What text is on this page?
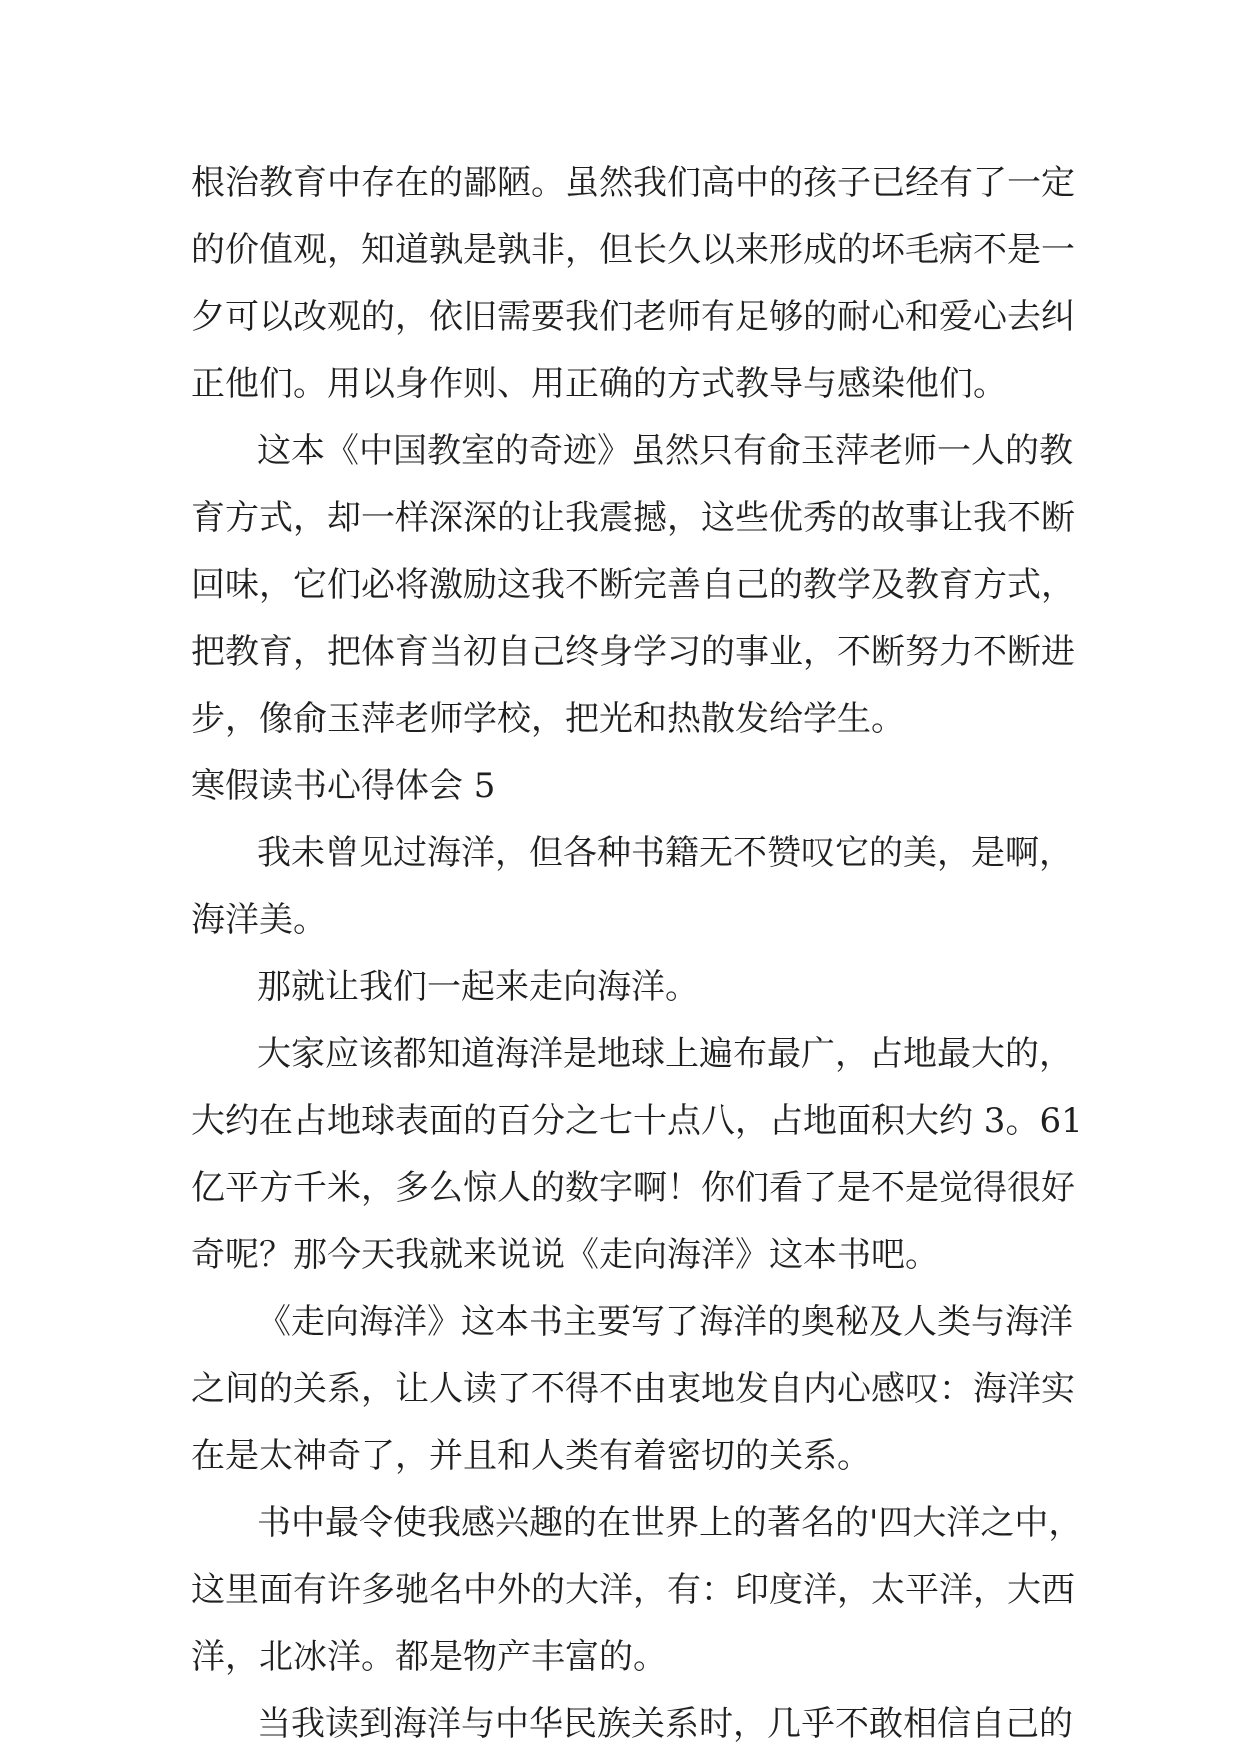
根治教育中存在的鄙陋。虽然我们高中的孩子已经有了一定
的价值观，知道孰是孰非，但长久以来形成的坏毛病不是一
夕可以改观的，依旧需要我们老师有足够的耐心和爱心去纠
正他们。用以身作则、用正确的方式教导与感染他们。
这本《中国教室的奇迹》虽然只有俞玉萍老师一人的教
育方式，却一样深深的让我震撼，这些优秀的故事让我不断
回味，它们必将激励这我不断完善自己的教学及教育方式，
把教育，把体育当初自己终身学习的事业，不断努力不断进
步，像俞玉萍老师学校，把光和热散发给学生。
寒假读书心得体会 5
我未曾见过海洋，但各种书籍无不赞叹它的美，是啊，
海洋美。
那就让我们一起来走向海洋。
大家应该都知道海洋是地球上遍布最广，占地最大的，
大约在占地球表面的百分之七十点八，占地面积大约 3。61
亿平方千米，多么惊人的数字啊！你们看了是不是觉得很好
奇呢？那今天我就来说说《走向海洋》这本书吧。
《走向海洋》这本书主要写了海洋的奥秘及人类与海洋
之间的关系，让人读了不得不由衷地发自内心感叹：海洋实
在是太神奇了，并且和人类有着密切的关系。
书中最令使我感兴趣的在世界上的著名的'四大洋之中，
这里面有许多驰名中外的大洋，有：印度洋，太平洋，大西
洋，北冰洋。都是物产丰富的。
当我读到海洋与中华民族关系时，几乎不敢相信自己的
